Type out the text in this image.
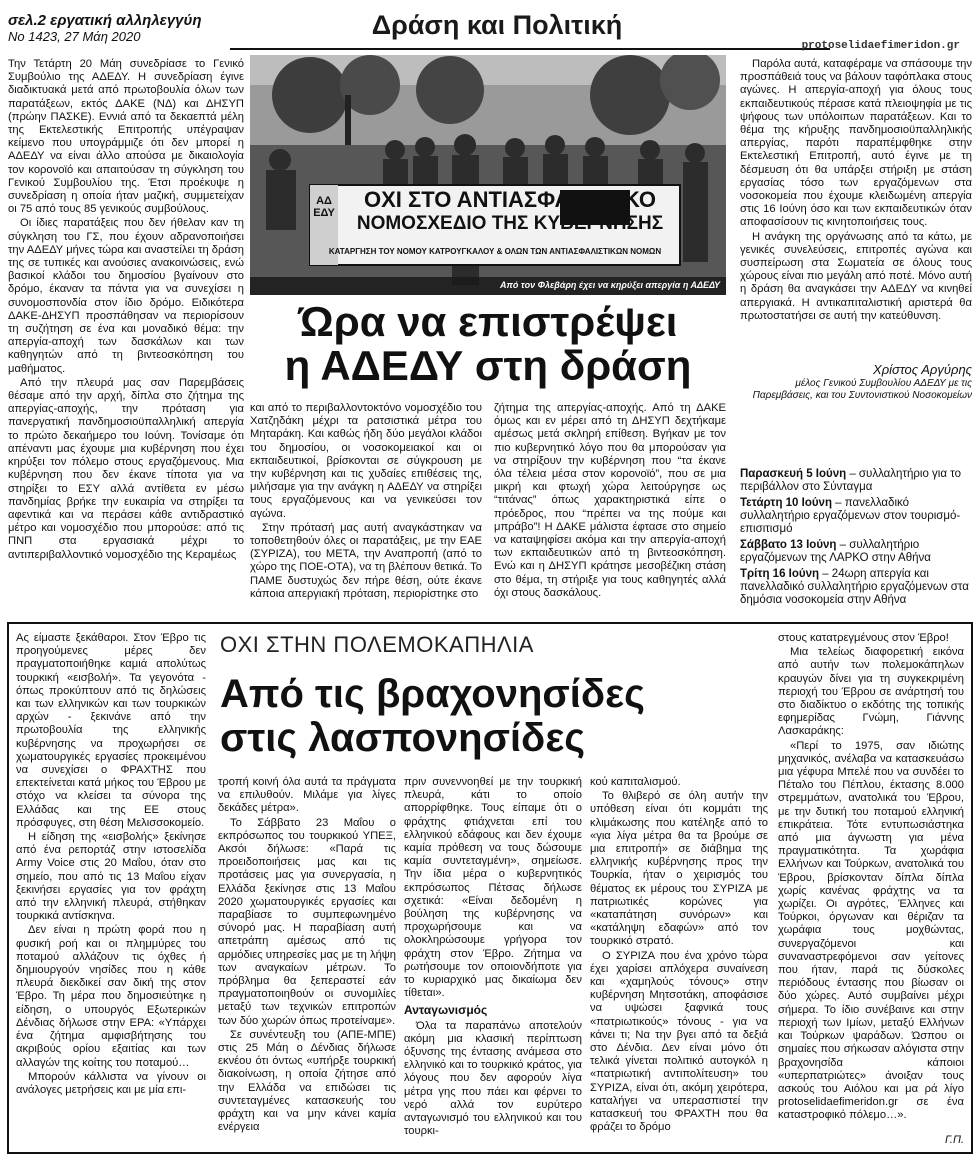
σελ.2 εργατική αλληλεγγύη
Νο 1423, 27 Μάη 2020	Δράση και Πολιτική
protoselidaefimeridon.gr

Την Τετάρτη 20 Μάη συνεδρίασε το Γενικό Συμβούλιο της ΑΔΕΔΥ. Η συνεδρίαση έγινε διαδικτυακά μετά από πρωτοβουλία όλων των παρατάξεων, εκτός ΔΑΚΕ (ΝΔ) και ΔΗΣΥΠ (πρώην ΠΑΣΚΕ). Εννιά από τα δεκαεπτά μέλη της Εκτελεστικής Επιτροπής υπέγραψαν κείμενο που υπογράμμιζε ότι δεν μπορεί η ΑΔΕΔΥ να είναι άλλο απούσα με δικαιολογία τον κορονοϊό και απαιτούσαν τη σύγκληση του Γενικού Συμβουλίου της. Έτσι προέκυψε η συνεδρίαση η οποία ήταν μαζική, συμμετείχαν οι 75 από τους 85 γενικούς συμβούλους.

Οι ίδιες παρατάξεις που δεν ήθελαν καν τη σύγκληση του ΓΣ, που έχουν αδρανοποιήσει την ΑΔΕΔΥ μήνες τώρα και αναστείλει τη δράση της σε τυπικές και ανούσιες ανακοινώσεις, ενώ βασικοί κλάδοι του δημοσίου βγαίνουν στο δρόμο, έκαναν τα πάντα για να συνεχίσει η συνομοσπονδία στον ίδιο δρόμο. Ειδικότερα ΔΑΚΕ-ΔΗΣΥΠ προσπάθησαν να περιορίσουν τη συζήτηση σε ένα και μοναδικό θέμα: την απεργία-αποχή των δασκάλων και των καθηγητών από τη βιντεοσκόπηση του μαθήματος.

Από την πλευρά μας σαν Παρεμβάσεις θέσαμε από την αρχή, δίπλα στο ζήτημα της απεργίας-αποχής, την πρόταση για πανεργατική πανδημοσιοϋπαλληλική απεργία το πρώτο δεκαήμερο του Ιούνη. Τονίσαμε ότι απέναντι μας έχουμε μια κυβέρνηση που έχει κηρύξει τον πόλεμο στους εργαζόμενους. Μια κυβέρνηση που δεν έκανε τίποτα για να στηρίξει το ΕΣΥ αλλά αντίθετα εν μέσω πανδημίας βρήκε την ευκαιρία να στηρίξει τα αφεντικά και να περάσει κάθε αντιδραστικό μέτρο και νομοσχέδιο που μπορούσε: από τις ΠΝΠ στα εργασιακά μέχρι το αντιπεριβαλλοντικό νομοσχέδιο της Κεραμέως

ΚΑΤΑΡΓΗΣΗ ΤΟΥ ΝΟΜΟΥ ΚΑΤΡΟΥΓΚΑΛΟΥ & ΟΛΩΝ ΤΩΝ ΑΝΤΙΑΣΦΑΛΙΣΤΙΚΩΝ ΝΟΜΩΝ
ΟΧΙ ΣΤΟ ΑΝΤΙΑΣΦΑΛΙΣΤΙΚΟ
ΝΟΜΟΣΧΕΔΙΟ ΤΗΣ ΚΥΒΕΡΝΗΣΗΣ
ΑΔΕΔΥ
Από τον Φλεβάρη έχει να κηρύξει απεργία η ΑΔΕΔΥ
Ώρα να επιστρέψει
η ΑΔΕΔΥ στη δράση

και από το περιβαλλοντοκτόνο νομοσχέδιο του Χατζηδάκη μέχρι τα ρατσιστικά μέτρα του Μηταράκη. Και καθώς ήδη δύο μεγάλοι κλάδοι του δημοσίου, οι νοσοκομειακοί και οι εκπαιδευτικοί, βρίσκονται σε σύγκρουση με την κυβέρνηση και τις χυδαίες επιθέσεις της, μιλήσαμε για την ανάγκη η ΑΔΕΔΥ να στηρίξει τους εργαζόμενους και να γενικεύσει τον αγώνα.

Στην πρότασή μας αυτή αναγκάστηκαν να τοποθετηθούν όλες οι παρατάξεις, με την ΕΑΕ (ΣΥΡΙΖΑ), του ΜΕΤΑ, την Αναπροπή (από το χώρο της ΠΟΕ-ΟΤΑ), να τη βλέπουν θετικά. Το ΠΑΜΕ δυστυχώς δεν πήρε θέση, ούτε έκανε κάποια απεργιακή πρόταση, περιορίστηκε στο

ζήτημα της απεργίας-αποχής. Από τη ΔΑΚΕ όμως και εν μέρει από τη ΔΗΣΥΠ δεχτήκαμε αμέσως μετά σκληρή επίθεση. Βγήκαν με τον πιο κυβερνητικό λόγο που θα μπορούσαν για να στηρίξουν την κυβέρνηση που “τα έκανε όλα τέλεια μέσα στον κορονοϊό”, που σε μια μικρή και φτωχή χώρα λειτούργησε ως “τιτάνας” όπως χαρακτηριστικά είπε ο πρόεδρος, που “πρέπει να της πούμε και μπράβο”! Η ΔΑΚΕ μάλιστα έφτασε στο σημείο να καταψηφίσει ακόμα και την απεργία-αποχή των εκπαιδευτικών από τη βιντεοσκόπηση. Ενώ και η ΔΗΣΥΠ κράτησε μεσοβέζικη στάση στο θέμα, τη στήριξε για τους καθηγητές αλλά όχι στους δασκάλους.

Παρόλα αυτά, καταφέραμε να σπάσουμε την προσπάθειά τους να βάλουν ταφόπλακα στους αγώνες. Η απεργία-αποχή για όλους τους εκπαιδευτικούς πέρασε κατά πλειοψηφία με τις ψήφους των υπόλοιπων παρατάξεων. Και το θέμα της κήρυξης πανδημοσιοϋπαλληλικής απεργίας, παρότι παραπέμφθηκε στην Εκτελεστική Επιτροπή, αυτό έγινε με τη δέσμευση ότι θα υπάρξει στήριξη με στάση εργασίας τόσο των εργαζόμενων στα νοσοκομεία που έχουμε κλειδωμένη απεργία στις 16 Ιούνη όσο και των εκπαιδευτικών όταν αποφασίσουν τις κινητοποιήσεις τους.

Η ανάγκη της οργάνωσης από τα κάτω, με γενικές συνελεύσεις, επιτροπές αγώνα και συσπείρωση στα Σωματεία σε όλους τους χώρους είναι πιο μεγάλη από ποτέ. Μόνο αυτή η δράση θα αναγκάσει την ΑΔΕΔΥ να κινηθεί απεργιακά. Η αντικαπιταλιστική αριστερά θα πρωτοστατήσει σε αυτή την κατεύθυνση.

Χρίστος Αργύρης
μέλος Γενικού Συμβουλίου ΑΔΕΔΥ με τις Παρεμβάσεις, και του Συντονιστικού Νοσοκομείων
Παρασκευή 5 Ιούνη – συλλαλητήριο για το περιβάλλον στο Σύνταγμα
Τετάρτη 10 Ιούνη – πανελλαδικό συλλαλητήριο εργαζόμενων στον τουρισμό-επισιτισμό
Σάββατο 13 Ιούνη – συλλαλητήριο εργαζόμενων της ΛΑΡΚΟ στην Αθήνα
Τρίτη 16 Ιούνη – 24ωρη απεργία και πανελλαδικό συλλαλητήριο εργαζόμενων στα δημόσια νοσοκομεία στην Αθήνα
ΟΧΙ ΣΤΗΝ ΠΟΛΕΜΟΚΑΠΗΛΙΑ
Από τις βραχονησίδες
στις λασπονησίδες

Ας είμαστε ξεκάθαροι. Στον Έβρο τις προηγούμενες μέρες δεν πραγματοποιήθηκε καμιά απολύτως τουρκική «εισβολή». Τα γεγονότα - όπως προκύπτουν από τις δηλώσεις και των ελληνικών και των τουρκικών αρχών - ξεκινάνε από την πρωτοβουλία της ελληνικής κυβέρνησης να προχωρήσει σε χωματουργικές εργασίες προκειμένου να συνεχίσει ο ΦΡΑΧΤΗΣ που επεκτείνεται κατά μήκος του Έβρου με στόχο να κλείσει τα σύνορα της Ελλάδας και της ΕΕ στους πρόσφυγες, στη θέση Μελισσοκομείο.

Η είδηση της «εισβολής» ξεκίνησε από ένα ρεπορτάζ στην ιστοσελίδα Army Voice στις 20 Μαΐου, όταν στο σημείο, που από τις 13 Μαΐου είχαν ξεκινήσει εργασίες για τον φράχτη από την ελληνική πλευρά, στήθηκαν τουρκικά αντίσκηνα.

Δεν είναι η πρώτη φορά που η φυσική ροή και οι πλημμύρες του ποταμού αλλάζουν τις όχθες ή δημιουργούν νησίδες που η κάθε πλευρά διεκδικεί σαν δική της στον Έβρο. Τη μέρα που δημοσιεύτηκε η είδηση, ο υπουργός Εξωτερικών Δένδιας δήλωσε στην ΕΡΑ: «Υπάρχει ένα ζήτημα αμφισβήτησης του ακριβούς ορίου εξαιτίας και των αλλαγών της κοίτης του ποταμού…

Μπορούν κάλλιστα να γίνουν οι ανάλογες μετρήσεις και με μία επι-

τροπή κοινή όλα αυτά τα πράγματα να επιλυθούν. Μιλάμε για λίγες δεκάδες μέτρα».

Το Σάββατο 23 Μαΐου ο εκπρόσωπος του τουρκικού ΥΠΕΞ, Ακσόι δήλωσε: «Παρά τις προειδοποιήσεις μας και τις προτάσεις μας για συνεργασία, η Ελλάδα ξεκίνησε στις 13 Μαΐου 2020 χωματουργικές εργασίες και παραβίασε το συμπεφωνημένο σύνορό μας. Η παραβίαση αυτή απετράπη αμέσως από τις αρμόδιες υπηρεσίες μας με τη λήψη των αναγκαίων μέτρων. Το πρόβλημα θα ξεπεραστεί εάν πραγματοποιηθούν οι συνομιλίες μεταξύ των τεχνικών επιτροπών των δύο χωρών όπως προτείναμε».

Σε συνέντευξη του (ΑΠΕ-ΜΠΕ) στις 25 Μάη ο Δένδιας δήλωσε εκνέου ότι όντως «υπήρξε τουρκική διακοίνωση, η οποία ζήτησε από την Ελλάδα να επιδώσει τις συντεταγμένες κατασκευής του φράχτη και να μην κάνει καμία ενέργεια

πριν συνεννοηθεί με την τουρκική πλευρά, κάτι το οποίο απορρίφθηκε. Τους είπαμε ότι ο φράχτης φτιάχνεται επί του ελληνικού εδάφους και δεν έχουμε καμία πρόθεση να τους δώσουμε καμία συντεταγμένη», σημείωσε. Την ίδια μέρα ο κυβερνητικός εκπρόσωπος Πέτσας δήλωσε σχετικά: «Είναι δεδομένη η βούληση της κυβέρνησης να προχωρήσουμε και να ολοκληρώσουμε γρήγορα τον φράχτη στον Έβρο. Ζήτημα να ρωτήσουμε τον οποιονδήποτε για το κυριαρχικό μας δικαίωμα δεν τίθεται».

Ανταγωνισμός

Όλα τα παραπάνω αποτελούν ακόμη μια κλασική περίπτωση όξυνσης της έντασης ανάμεσα στο ελληνικό και το τουρκικό κράτος, για λόγους που δεν αφορούν λίγα μέτρα γης που πάει και φέρνει το νερό αλλά τον ευρύτερο ανταγωνισμό του ελληνικού και του τουρκι-

κού καπιταλισμού.

Το θλιβερό σε όλη αυτήν την υπόθεση είναι ότι κομμάτι της κλιμάκωσης που κατέληξε από το «για λίγα μέτρα θα τα βρούμε σε μια επιτροπή» σε διάβημα της ελληνικής κυβέρνησης προς την Τουρκία, ήταν ο χειρισμός του θέματος εκ μέρους του ΣΥΡΙΖΑ με πατριωτικές κορώνες για «καταπάτηση συνόρων» και «κατάληψη εδαφών» από τον τουρκικό στρατό.

Ο ΣΥΡΙΖΑ που ένα χρόνο τώρα έχει χαρίσει απλόχερα συναίνεση και «χαμηλούς τόνους» στην κυβέρνηση Μητσοτάκη, αποφάσισε να υψώσει ξαφνικά τους «πατριωτικούς» τόνους - για να κάνει τι; Να την βγει από τα δεξιά στο Δένδια. Δεν είναι μόνο ότι τελικά γίνεται πολιτικό αυτογκόλ η «πατριωτική αντιπολίτευση» του ΣΥΡΙΖΑ, είναι ότι, ακόμη χειρότερα, καταλήγει να υπερασπιστεί την κατασκευή του ΦΡΑΧΤΗ που θα φράζει το δρόμο

στους κατατρεγμένους στον Έβρο!

Μια τελείως διαφορετική εικόνα από αυτήν των πολεμοκάπηλων κραυγών δίνει για τη συγκεκριμένη περιοχή του Έβρου σε ανάρτησή του στο διαδίκτυο ο εκδότης της τοπικής εφημερίδας Γνώμη, Γιάννης Λασκαράκης:

«Περί το 1975, σαν ιδιώτης μηχανικός, ανέλαβα να κατασκευάσω μια γέφυρα Μπελέ που να συνδέει το Πέταλο του Πέπλου, έκτασης 8.000 στρεμμάτων, ανατολικά του Έβρου, με την δυτική του ποταμού ελληνική επικράτεια. Τότε εντυπωσιάστηκα από μια άγνωστη για μένα πραγματικότητα. Τα χωράφια Ελλήνων και Τούρκων, ανατολικά του Έβρου, βρίσκονταν δίπλα δίπλα χωρίς κανένας φράχτης να τα χωρίζει. Οι αγρότες, Έλληνες και Τούρκοι, όργωναν και θέριζαν τα χωράφια τους μοχθώντας, συνεργαζόμενοι και συναναστρεφόμενοι σαν γείτονες που ήταν, παρά τις δύσκολες περιόδους έντασης που βίωσαν οι δύο χώρες. Αυτό συμβαίνει μέχρι σήμερα. Το ίδιο συνέβαινε και στην περιοχή των Ιμίων, μεταξύ Ελλήνων και Τούρκων ψαράδων. Ώσπου οι σημαίες που σήκωσαν αλόγιστα στην βραχονησίδα κάποιοι «υπερπατριώτες» άνοιξαν τους ασκούς του Αιόλου και μα ρά λίγο protoselidaefimeridon.gr σε ένα καταστροφικό πόλεμο…».

Γ.Π.
